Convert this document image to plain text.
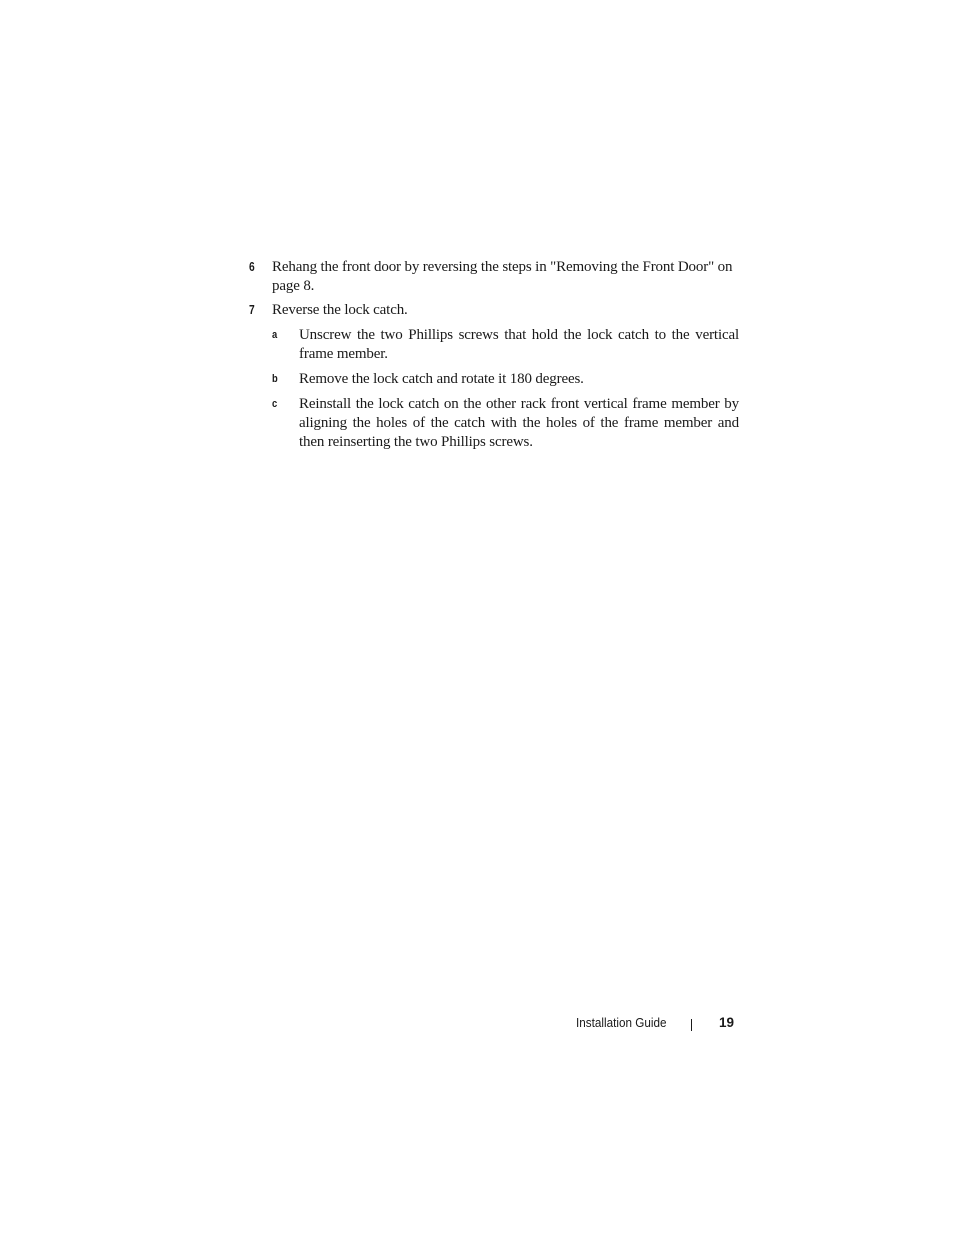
6 Rehang the front door by reversing the steps in "Removing the Front Door" on page 8.
7 Reverse the lock catch.
a Unscrew the two Phillips screws that hold the lock catch to the vertical frame member.
b Remove the lock catch and rotate it 180 degrees.
c Reinstall the lock catch on the other rack front vertical frame member by aligning the holes of the catch with the holes of the frame member and then reinserting the two Phillips screws.
Installation Guide	19
